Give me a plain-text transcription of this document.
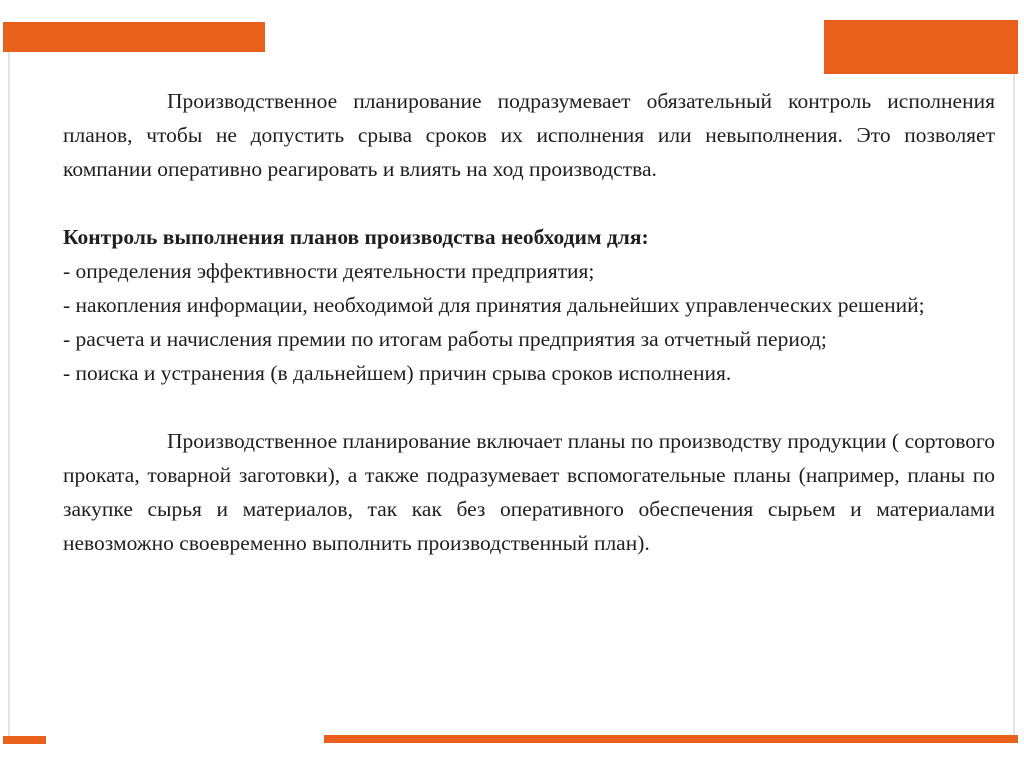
Производственное планирование подразумевает обязательный контроль исполнения планов, чтобы не допустить срыва сроков их исполнения или невыполнения. Это позволяет компании оперативно реагировать и влиять на ход производства.

Контроль выполнения планов производства необходим для:

- определения эффективности деятельности предприятия;
- накопления информации, необходимой для принятия дальнейших управленческих решений;
- расчета и начисления премии по итогам работы предприятия за отчетный период;
- поиска и устранения (в дальнейшем) причин срыва сроков исполнения.

Производственное планирование включает планы по производству продукции ( сортового проката, товарной заготовки), а также подразумевает вспомогательные планы (например, планы по закупке сырья и материалов, так как без оперативного обеспечения сырьем и материалами невозможно своевременно выполнить производственный план).
